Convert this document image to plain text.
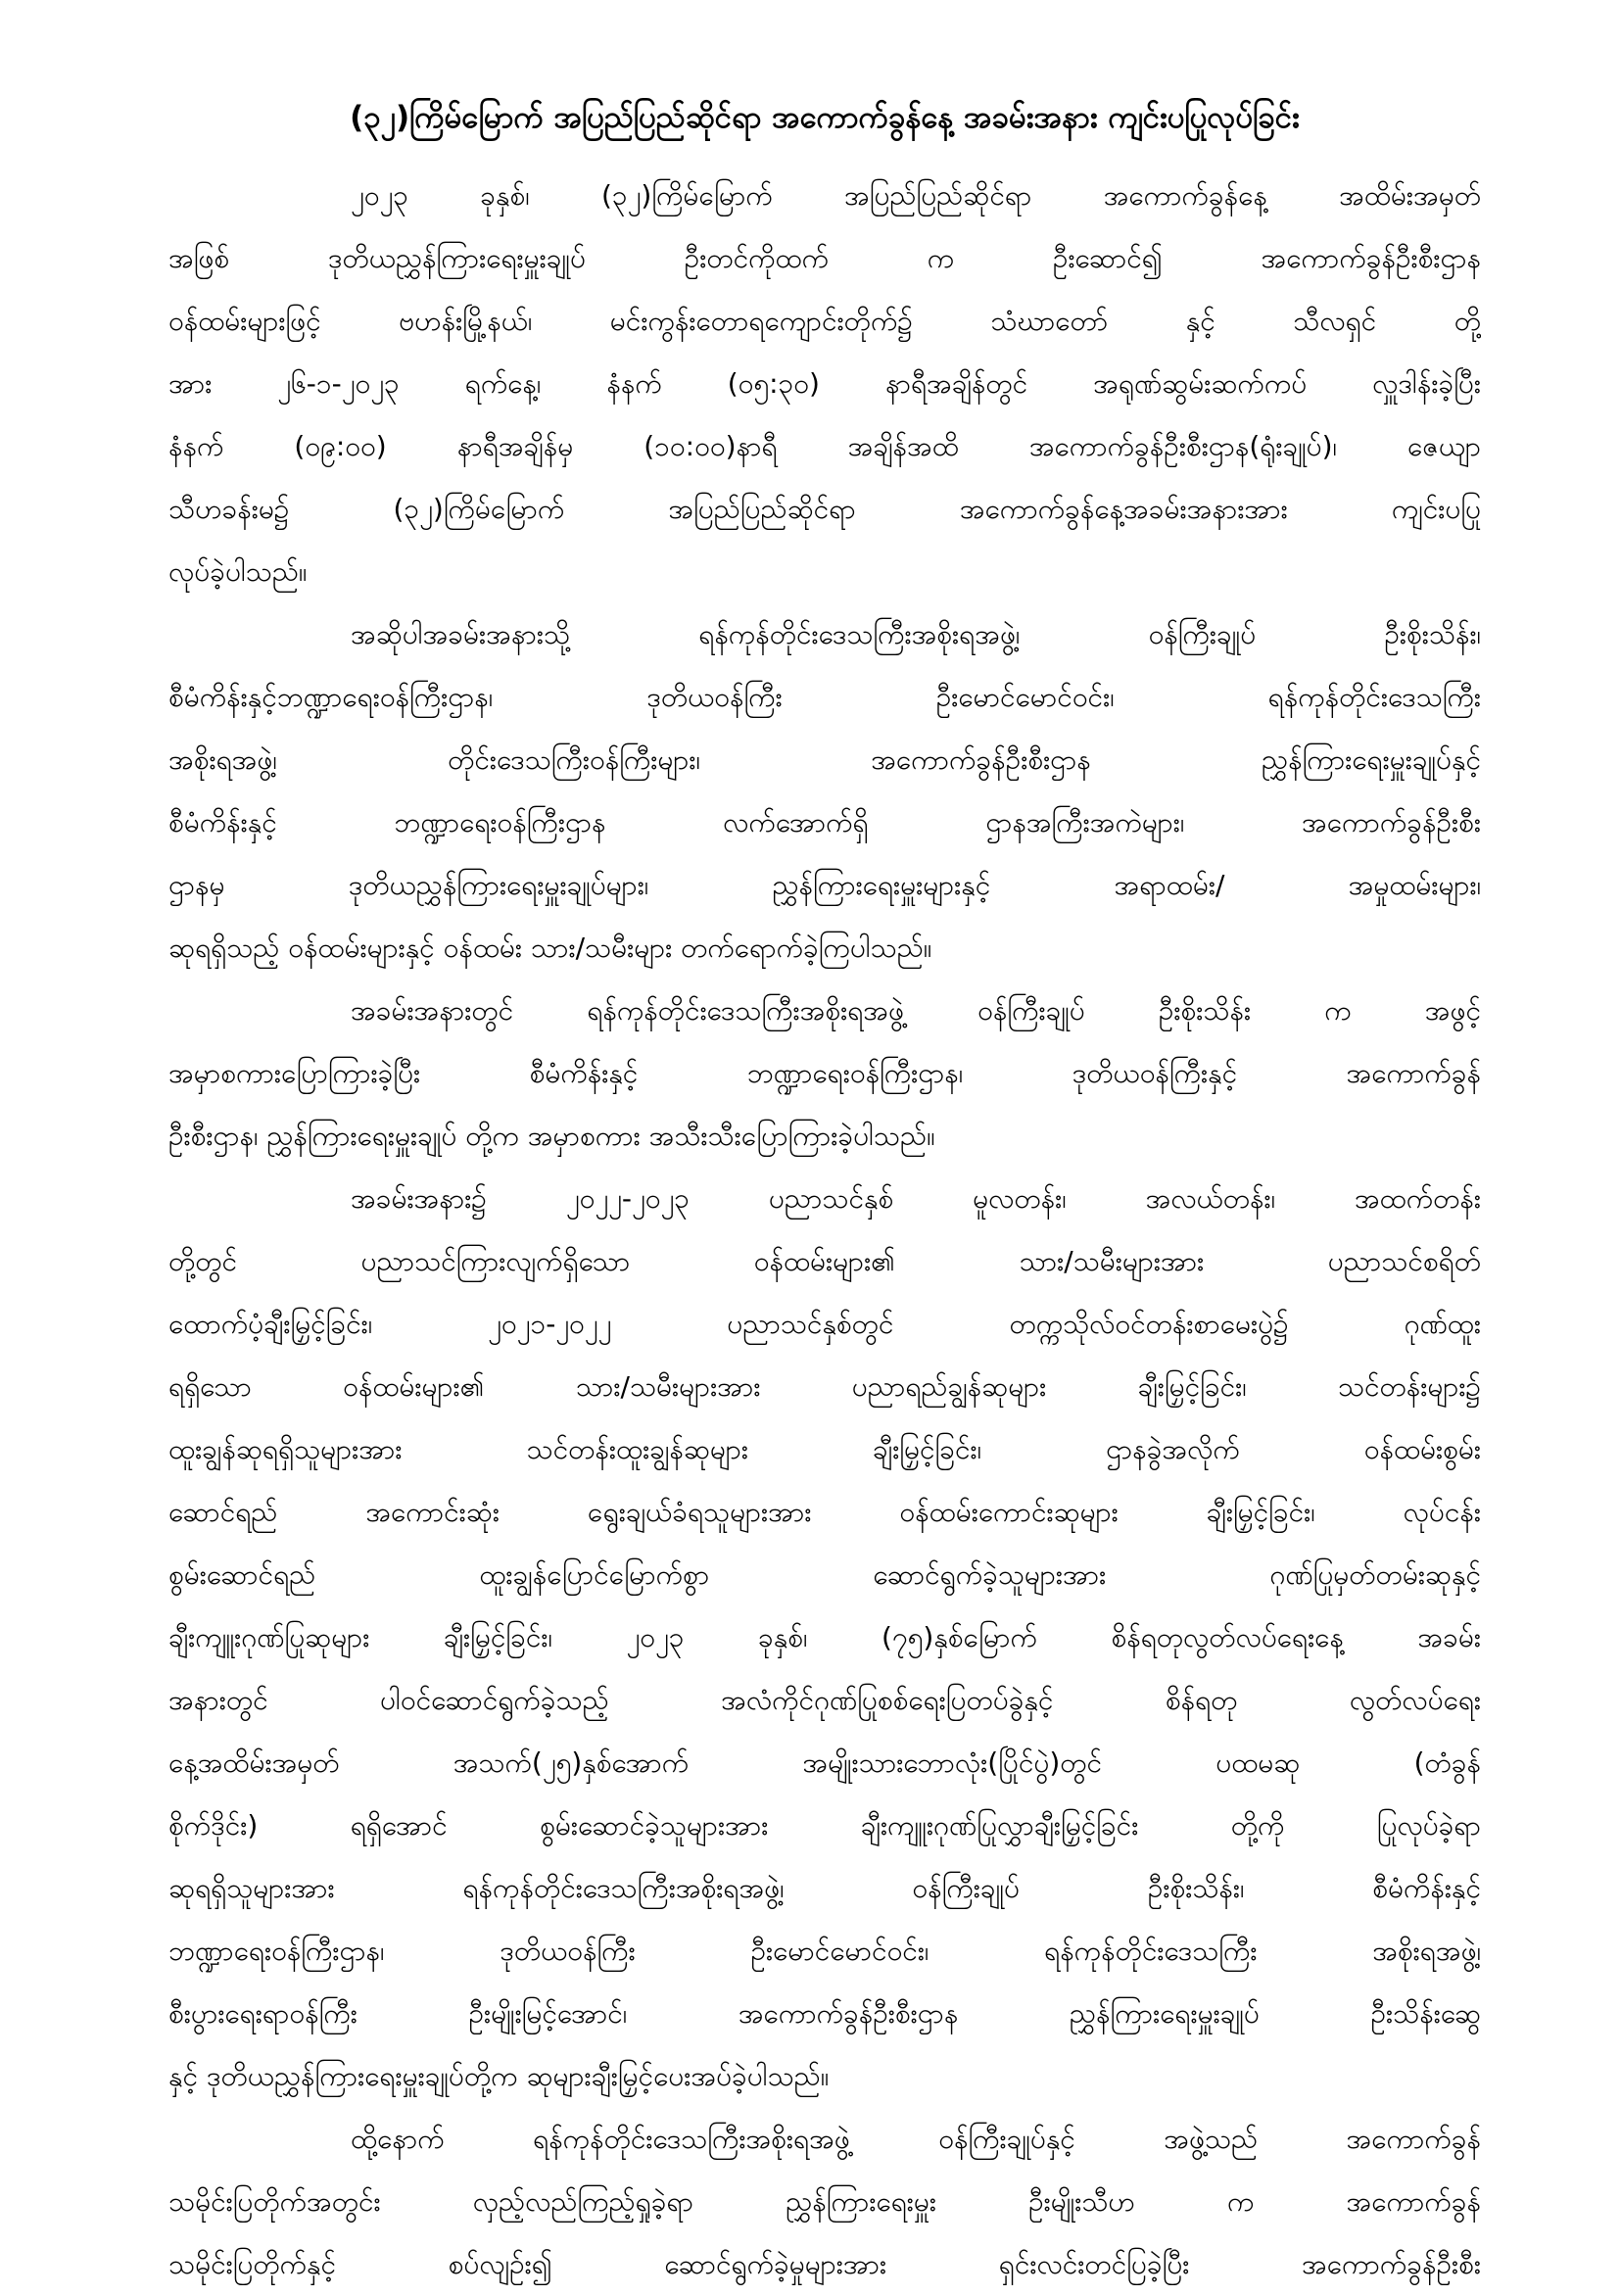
(၃၂)ကြိမ်မြောက် အပြည်ပြည်ဆိုင်ရာ အကောက်ခွန်နေ့ အခမ်းအနား ကျင်းပပြုလုပ်ခြင်း
၂၀၂၃ ခုနှစ်၊ (၃၂)ကြိမ်မြောက် အပြည်ပြည်ဆိုင်ရာ အကောက်ခွန်နေ့ အထိမ်းအမှတ်
အဖြစ် ဒုတိယညွှန်ကြားရေးမှူးချုပ် ဦးတင်ကိုထက် က ဦးဆောင်၍ အကောက်ခွန်ဦးစီးဌာန
ဝန်ထမ်းများဖြင့် ဗဟန်းမြို့နယ်၊ မင်းကွန်းတောရကျောင်းတိုက်၌ သံဃာတော် နှင့် သီလရှင် တို့
အား ၂၆-၁-၂၀၂၃ ရက်နေ့၊ နံနက် (၀၅:၃၀) နာရီအချိန်တွင် အရုဏ်ဆွမ်းဆက်ကပ် လှူဒါန်းခဲ့ပြီး
နံနက် (၀၉:၀၀) နာရီအချိန်မှ (၁၀:၀၀)နာရီ အချိန်အထိ အကောက်ခွန်ဦးစီးဌာန(ရုံးချုပ်)၊ ဇေယျာ
သီဟခန်းမ၌ (၃၂)ကြိမ်မြောက် အပြည်ပြည်ဆိုင်ရာ အကောက်ခွန်နေ့အခမ်းအနားအား ကျင်းပပြု
လုပ်ခဲ့ပါသည်။
အဆိုပါအခမ်းအနားသို့ ရန်ကုန်တိုင်းဒေသကြီးအစိုးရအဖွဲ့၊ ဝန်ကြီးချုပ် ဦးစိုးသိန်း၊
စီမံကိန်းနှင့်ဘဏ္ဍာရေးဝန်ကြီးဌာန၊ ဒုတိယဝန်ကြီး ဦးမောင်မောင်ဝင်း၊ ရန်ကုန်တိုင်းဒေသကြီး
အစိုးရအဖွဲ့၊ တိုင်းဒေသကြီးဝန်ကြီးများ၊ အကောက်ခွန်ဦးစီးဌာန ညွှန်ကြားရေးမှူးချုပ်နှင့်
စီမံကိန်းနှင့် ဘဏ္ဍာရေးဝန်ကြီးဌာန လက်အောက်ရှိ ဌာနအကြီးအကဲများ၊ အကောက်ခွန်ဦးစီး
ဌာနမှ ဒုတိယညွှန်ကြားရေးမှူးချုပ်များ၊ ညွှန်ကြားရေးမှူးများနှင့် အရာထမ်း/ အမှုထမ်းများ၊
ဆုရရှိသည့် ဝန်ထမ်းများနှင့် ဝန်ထမ်း သား/သမီးများ တက်ရောက်ခဲ့ကြပါသည်။
အခမ်းအနားတွင် ရန်ကုန်တိုင်းဒေသကြီးအစိုးရအဖွဲ့ ဝန်ကြီးချုပ် ဦးစိုးသိန်း က အဖွင့်
အမှာစကားပြောကြားခဲ့ပြီး စီမံကိန်းနှင့် ဘဏ္ဍာရေးဝန်ကြီးဌာန၊ ဒုတိယဝန်ကြီးနှင့် အကောက်ခွန်
ဦးစီးဌာန၊ ညွှန်ကြားရေးမှူးချုပ် တို့က အမှာစကား အသီးသီးပြောကြားခဲ့ပါသည်။
အခမ်းအနား၌ ၂၀၂၂-၂၀၂၃ ပညာသင်နှစ် မူလတန်း၊ အလယ်တန်း၊ အထက်တန်း
တို့တွင် ပညာသင်ကြားလျက်ရှိသော ဝန်ထမ်းများ၏ သား/သမီးများအား ပညာသင်စရိတ်
ထောက်ပံ့ချီးမြှင့်ခြင်း၊ ၂၀၂၁-၂၀၂၂ ပညာသင်နှစ်တွင် တက္ကသိုလ်ဝင်တန်းစာမေးပွဲ၌ ဂုဏ်ထူး
ရရှိသော ဝန်ထမ်းများ၏ သား/သမီးများအား ပညာရည်ချွန်ဆုများ ချီးမြှင့်ခြင်း၊ သင်တန်းများ၌
ထူးချွန်ဆုရရှိသူများအား သင်တန်းထူးချွန်ဆုများ ချီးမြှင့်ခြင်း၊ ဌာနခွဲအလိုက် ဝန်ထမ်းစွမ်း
ဆောင်ရည် အကောင်းဆုံး ရွေးချယ်ခံရသူများအား ဝန်ထမ်းကောင်းဆုများ ချီးမြှင့်ခြင်း၊ လုပ်ငန်း
စွမ်းဆောင်ရည် ထူးချွန်ပြောင်မြောက်စွာ ဆောင်ရွက်ခဲ့သူများအား ဂုဏ်ပြုမှတ်တမ်းဆုနှင့်
ချီးကျူးဂုဏ်ပြုဆုများ ချီးမြှင့်ခြင်း၊ ၂၀၂၃ ခုနှစ်၊ (၇၅)နှစ်မြောက် စိန်ရတုလွတ်လပ်ရေးနေ့ အခမ်း
အနားတွင် ပါဝင်ဆောင်ရွက်ခဲ့သည့် အလံကိုင်ဂုဏ်ပြုစစ်ရေးပြတပ်ခွဲနှင့် စိန်ရတု လွတ်လပ်ရေး
နေ့အထိမ်းအမှတ် အသက်(၂၅)နှစ်အောက် အမျိုးသားဘောလုံး(ပြိုင်ပွဲ)တွင် ပထမဆု (တံခွန်
စိုက်ဒိုင်း) ရရှိအောင် စွမ်းဆောင်ခဲ့သူများအား ချီးကျူးဂုဏ်ပြုလွှာချီးမြှင့်ခြင်း တို့ကို ပြုလုပ်ခဲ့ရာ
ဆုရရှိသူများအား ရန်ကုန်တိုင်းဒေသကြီးအစိုးရအဖွဲ့၊ ဝန်ကြီးချုပ် ဦးစိုးသိန်း၊ စီမံကိန်းနှင့်
ဘဏ္ဍာရေးဝန်ကြီးဌာန၊ ဒုတိယဝန်ကြီး ဦးမောင်မောင်ဝင်း၊ ရန်ကုန်တိုင်းဒေသကြီး အစိုးရအဖွဲ့၊
စီးပွားရေးရာဝန်ကြီး ဦးမျိုးမြင့်အောင်၊ အကောက်ခွန်ဦးစီးဌာန ညွှန်ကြားရေးမှူးချုပ် ဦးသိန်းဆွေ
နှင့် ဒုတိယညွှန်ကြားရေးမှူးချုပ်တို့က ဆုများချီးမြှင့်ပေးအပ်ခဲ့ပါသည်။
ထို့နောက် ရန်ကုန်တိုင်းဒေသကြီးအစိုးရအဖွဲ့ ဝန်ကြီးချုပ်နှင့် အဖွဲ့သည် အကောက်ခွန်
သမိုင်းပြတိုက်အတွင်း လှည့်လည်ကြည့်ရှုခဲ့ရာ ညွှန်ကြားရေးမှူး ဦးမျိုးသီဟ က အကောက်ခွန်
သမိုင်းပြတိုက်နှင့် စပ်လျဉ်း၍ ဆောင်ရွက်ခဲ့မှုများအား ရှင်းလင်းတင်ပြခဲ့ပြီး အကောက်ခွန်ဦးစီး
